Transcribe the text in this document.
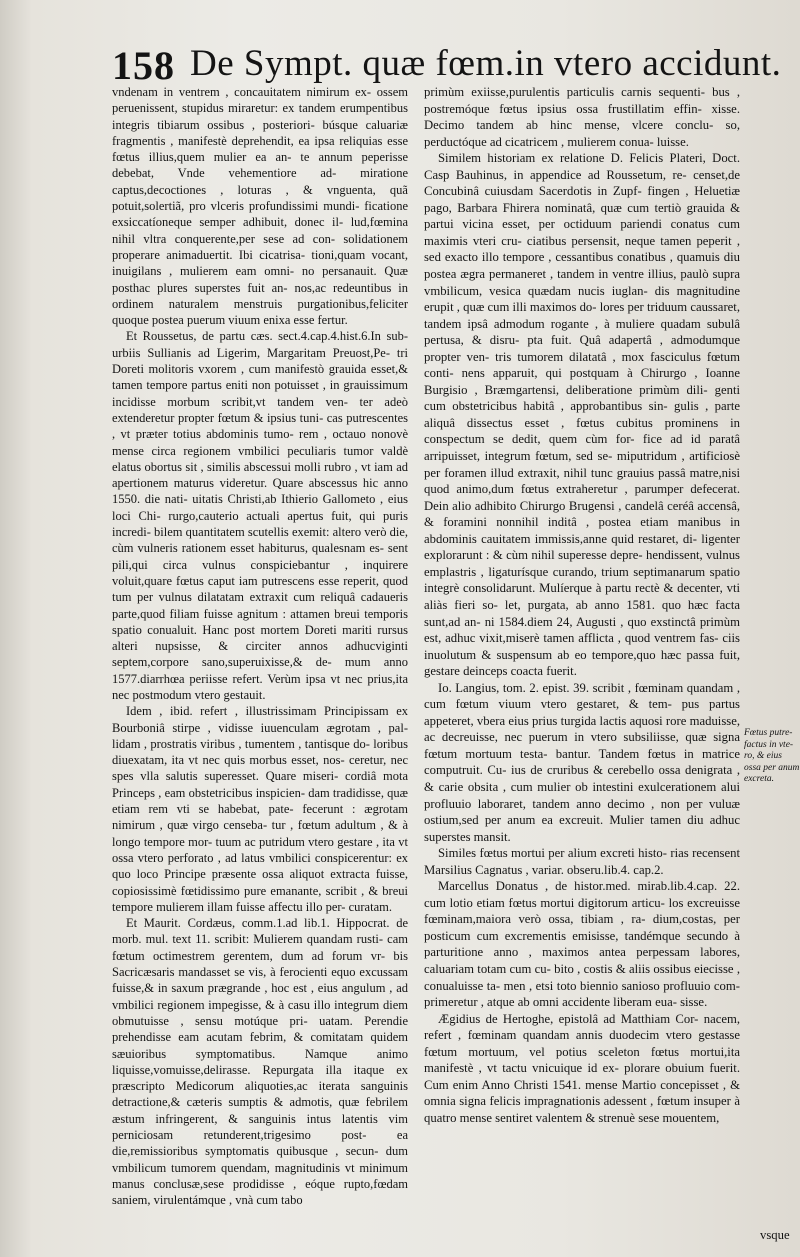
158 De Sympt. quæ fœm.in vtero accidunt.

vndenam in ventrem , concauitatem nimirum ex- ossem peruenissent, stupidus miraretur: ex tandem erumpentibus integris tibiarum ossibus , posteriori- búsque caluariæ fragmentis , manifestè deprehendit, ea ipsa reliquias esse fœtus illius,quem mulier ea an- te annum peperisse debebat, Vnde vehementiore ad- mirationе captus,decoctiones , loturas , & vnguenta, quã potuit,solertiã, pro vlceris profundissimi mundi- ficatione exsiccatíoneque semper adhibuit, donec il- lud,fœmina nihil vltra conquerente,per sese ad con- solidationem properare animaduertit. Ibi cicatrisa- tioni,quam vocant, inuigilans , mulierem eam omni- no persanauit. Quæ posthac plures superstes fuit an- nos,ac redeuntibus in ordinem naturalem menstruis purgationibus,feliciter quoque postea puerum viuum enixa esse fertur.

Et Roussetus, de partu cæs. sect.4.cap.4.hist.6.In sub- urbiis Sullianis ad Ligerim, Margaritam Preuost,Pe- tri Doreti molitoris vxorem , cum manifestò grauida esset,& tamen tempore partus eniti non potuisset , in grauissimum incidisse morbum scribit,vt tandem ven- ter adeò extenderetur propter fœtum & ipsius tuni- cas putrescentes , vt præter totius abdominis tumo- rem , octauo nonovè mense circa regionem vmbilici peculiaris tumor valdè elatus obortus sit , similis abscessui molli rubro , vt iam ad apertionem maturus videretur. Quare abscessus hic anno 1550. die nati- uitatis Christi,ab Ithierio Gallometo , eius loci Chi- rurgo,cauterio actuali apertus fuit, qui puris incredi- bilem quantitatem scutellis exemit: altero verò die, cùm vulneris rationem esset habiturus, qualesnam es- sent pili,qui circa vulnus conspiciebantur , inquirere voluit,quare fœtus caput iam putrescens esse reperit, quod tum per vulnus dilatatam extraxit cum reliquâ cadaueris parte,quod filiam fuisse agnitum : attamen breui temporis spatio conualuit. Hanc post mortem Doreti mariti rursus alteri nupsisse, & circiter annos adhucviginti septem,corpore sano,superuixisse,& de- mum anno 1577.diarrhœa periisse refert. Verùm ipsa vt nec prius,ita nec postmodum vtero gestauit.

Idem , ibid. refert , illustrissimam Principissam ex Bourboniâ stirpe , vidisse iuuenculam ægrotam , pal- lidam , prostratis viribus , tumentem , tantisque do- loribus diuexatam, ita vt nec quis morbus esset, nos- ceretur, nec spes vlla salutis superesset. Quare miseri- cordiâ mota Princeps , eam obstetricibus inspicien- dam tradidisse, quæ etiam rem vti se habebat, pate- fecerunt : ægrotam nimirum , quæ virgo censeba- tur , fœtum adultum , & à longo tempore mor- tuum ac putridum vtero gestare , ita vt ossa vtero perforato , ad latus vmbilici conspicerentur: ex quo loco Principe præsente ossa aliquot extracta fuisse, copiosissimè fœtidissimo pure emanante, scribit , & breui tempore mulierem illam fuisse affectu illo per- curatam.

Et Maurit. Cordæus, comm.1.ad lib.1. Hippocrat. de morb. mul. text 11. scribit: Mulierem quandam rusti- cam fœtum octimestrem gerentem, dum ad forum vr- bis Sacricæsaris mandasset se vis, à ferocienti equo excussam fuisse,& in saxum prægrande , hoc est , eius angulum , ad vmbilici regionem impegisse, & à casu illo integrum diem obmutuisse , sensu motúque pri- uatam. Perendie prehendisse eam acutam febrim, & comitatam quidem sæuioribus symptomatibus. Namque animo liquisse,vomuisse,delirasse. Repurgata illa itaque ex præscripto Medicorum aliquoties,ac iterata sanguinis detractione,& cæteris sumptis & admotis, quæ febrilem æstum infringerent, & sanguinis intus latentis vim perniciosam retunderent,trigesimo post- ea die,remissioribus symptomatis quibusque , secun- dum vmbilicum tumorem quendam, magnitudinis vt minimum manus conclusæ,sese prodidisse , eóque rupto,fœdam saniem, virulentámque , vnà cum tabo

primùm exiisse,purulentis particulis carnis sequenti- bus , postremóque fœtus ipsius ossa frustillatim effin- xisse. Decimo tandem ab hinc mense, vlcere conclu- so, perductóque ad cicatricem , mulierem conua- luisse.

Similem historiam ex relatione D. Felicis Plateri, Doct. Casp Bauhinus, in appendice ad Roussetum, re- censet,de Concubinâ cuiusdam Sacerdotis in Zupf- fingen , Heluetiæ pago, Barbara Fhirera nominatâ, quæ cum tertiò grauida & partui vicina esset, per octiduum pariendi conatus cum maximis vteri cru- ciatibus persensit, neque tamen peperit , sed exacto illo tempore , cessantibus conatibus , quamuis diu postea ægra permaneret , tandem in ventre illius, paulò supra vmbilicum, vesica quædam nucis iuglan- dis magnitudine erupit , quæ cum illi maximos do- lores per triduum caussaret, tandem ipsâ admodum rogante , à muliere quadam subulâ pertusa, & disru- pta fuit. Quâ adapertâ , admodumque propter ven- tris tumorem dilatatâ , mox fasciculus fœtum conti- nens apparuit, qui postquam à Chirurgo , Ioanne Burgisio , Bræmgartensi, deliberatione primùm dili- genti cum obstetricibus habitâ , approbantibus sin- gulis , parte aliquâ dissectus esset , fœtus cubitus prominens in conspectum se dedit, quem cùm for- fice ad id paratâ arripuisset, integrum fœtum, sed se- miputridum , artificiosè per foramen illud extraxit, nihil tunc grauius passâ matre,nisi quod animo,dum fœtus extraheretur , parumper defecerat. Dein alio adhibito Chirurgo Brugensi , candelâ ceréâ accensâ, & foramini nonnihil inditâ , postea etiam manibus in abdominis cauitatem immissis,anne quid restaret, di- ligenter explorarunt : & cùm nihil superesse depre- hendissent, vulnus emplastris , ligaturísque curando, trium septimanarum spatio integrè consolidarunt. Mulíerque à partu rectè & decenter, vti aliàs fieri so- let, purgata, ab anno 1581. quo hæc facta sunt,ad an- ni 1584.diem 24, Augusti , quo exstinctâ primùm est, adhuc vixit,miserè tamen afflicta , quod ventrem fas- ciis inuolutum & suspensum ab eo tempore,quo hæc passa fuit, gestare deinceps coacta fuerit.

Io. Langius, tom. 2. epist. 39. scribit , fœminam quandam , cum fœtum viuum vtero gestaret, & tem- pus partus appeteret, vbera eius prius turgida lactis aquosi rore maduisse, ac decreuisse, nec puerum in vtero subsiliisse, quæ signa fœtum mortuum testa- bantur. Tandem fœtus in matrice computruit. Cu- ius de cruribus & cerebello ossa denigrata , & carie obsita , cum mulier ob intestini exulcerationem alui profluuio laboraret, tandem anno decimo , non per vuluæ ostium,sed per anum ea excreuit. Mulier tamen diu adhuc superstes mansit.

Similes fœtus mortui per alium excreti histo- rias recensent Marsilius Cagnatus , variar. obseru.lib.4. cap.2.

Marcellus Donatus , de histor.med. mirab.lib.4.cap. 22. cum lotio etiam fœtus mortui digitorum articu- los excreuisse fœminam,maiora verò ossa, tibiam , ra- dium,costas, per posticum cum excrementis emisisse, tandémque secundo à parturitione anno , maximos antea perpessam labores, caluariam totam cum cu- bito , costis & aliis ossibus eiecisse , conualuisse ta- men , etsi toto biennio sanioso profluuio com- primeretur , atque ab omni accidente liberam eua- sisse.

Ægidius de Hertoghe, epistolâ ad Matthiam Cor- nacem, refert , fœminam quandam annis duodecim vtero gestasse fœtum mortuum, vel potius sceleton fœtus mortui,ita manifestè , vt tactu vnicuique id ex- plorare obuium fuerit. Cum enim Anno Christi 1541. mense Martio concepisset , & omnia signa felicis impragnationis adessent , fœtum insuper à quatro mense sentiret valentem & strenuè sese mouentem,

Fœtus putre- factus in vte- ro, & eius ossa per anum excreta.
vsque
